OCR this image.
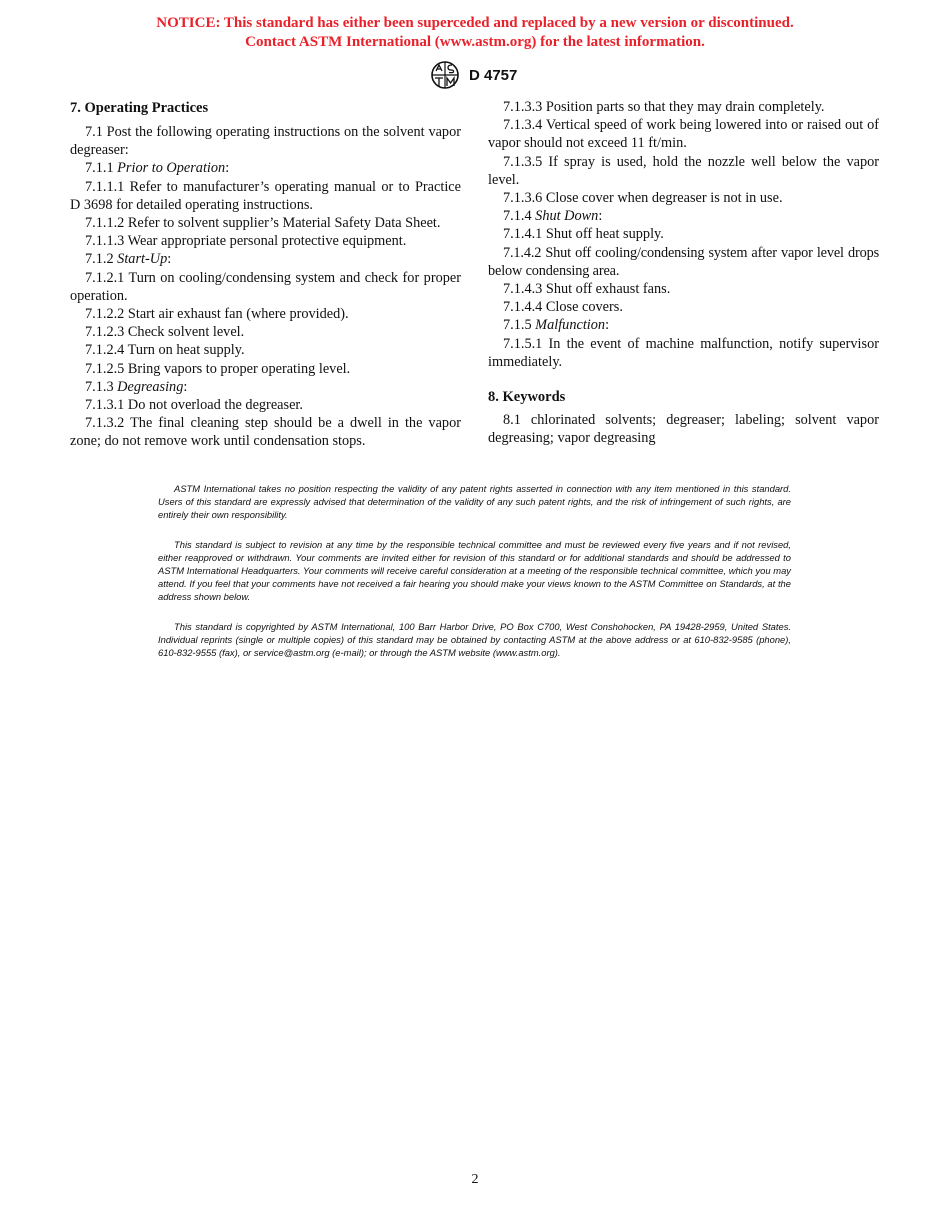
NOTICE: This standard has either been superceded and replaced by a new version or discontinued.
Contact ASTM International (www.astm.org) for the latest information.
D 4757
7. Operating Practices

7.1 Post the following operating instructions on the solvent vapor degreaser:

7.1.1 Prior to Operation:

7.1.1.1 Refer to manufacturer’s operating manual or to Practice D 3698 for detailed operating instructions.

7.1.1.2 Refer to solvent supplier’s Material Safety Data Sheet.

7.1.1.3 Wear appropriate personal protective equipment.

7.1.2 Start-Up:

7.1.2.1 Turn on cooling/condensing system and check for proper operation.

7.1.2.2 Start air exhaust fan (where provided).

7.1.2.3 Check solvent level.

7.1.2.4 Turn on heat supply.

7.1.2.5 Bring vapors to proper operating level.

7.1.3 Degreasing:

7.1.3.1 Do not overload the degreaser.

7.1.3.2 The final cleaning step should be a dwell in the vapor zone; do not remove work until condensation stops.

7.1.3.3 Position parts so that they may drain completely.

7.1.3.4 Vertical speed of work being lowered into or raised out of vapor should not exceed 11 ft/min.

7.1.3.5 If spray is used, hold the nozzle well below the vapor level.

7.1.3.6 Close cover when degreaser is not in use.

7.1.4 Shut Down:

7.1.4.1 Shut off heat supply.

7.1.4.2 Shut off cooling/condensing system after vapor level drops below condensing area.

7.1.4.3 Shut off exhaust fans.

7.1.4.4 Close covers.

7.1.5 Malfunction:

7.1.5.1 In the event of machine malfunction, notify supervisor immediately.

8. Keywords

8.1 chlorinated solvents; degreaser; labeling; solvent vapor degreasing; vapor degreasing

ASTM International takes no position respecting the validity of any patent rights asserted in connection with any item mentioned in this standard. Users of this standard are expressly advised that determination of the validity of any such patent rights, and the risk of infringement of such rights, are entirely their own responsibility.

This standard is subject to revision at any time by the responsible technical committee and must be reviewed every five years and if not revised, either reapproved or withdrawn. Your comments are invited either for revision of this standard or for additional standards and should be addressed to ASTM International Headquarters. Your comments will receive careful consideration at a meeting of the responsible technical committee, which you may attend. If you feel that your comments have not received a fair hearing you should make your views known to the ASTM Committee on Standards, at the address shown below.

This standard is copyrighted by ASTM International, 100 Barr Harbor Drive, PO Box C700, West Conshohocken, PA 19428-2959, United States. Individual reprints (single or multiple copies) of this standard may be obtained by contacting ASTM at the above address or at 610-832-9585 (phone), 610-832-9555 (fax), or service@astm.org (e-mail); or through the ASTM website (www.astm.org).

2
